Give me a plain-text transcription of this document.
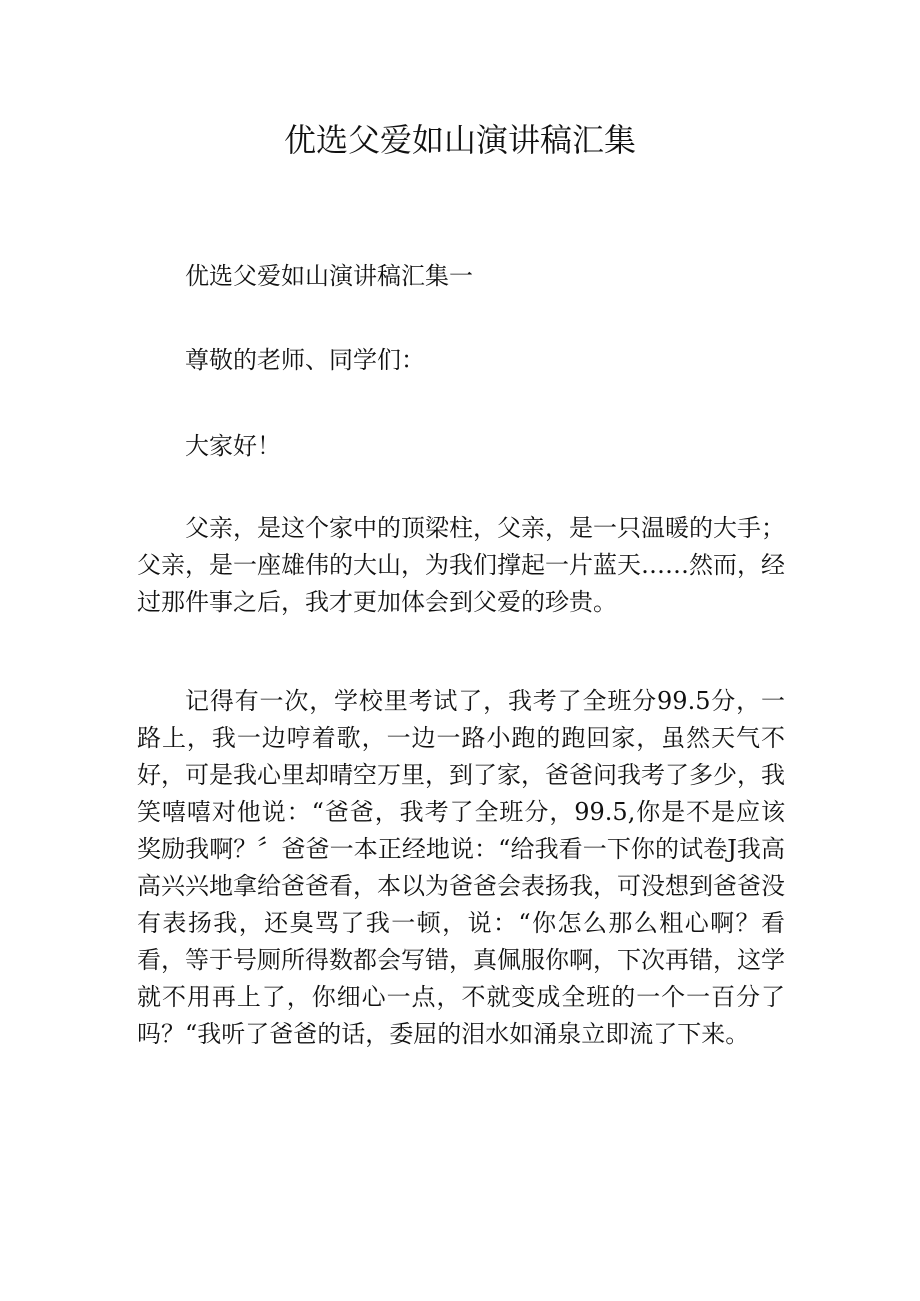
优选父爱如山演讲稿汇集

优选父爱如山演讲稿汇集一

尊敬的老师、同学们：

大家好！

父亲，是这个家中的顶梁柱，父亲，是一只温暖的大手；父亲，是一座雄伟的大山，为我们撑起一片蓝天……然而，经过那件事之后，我才更加体会到父爱的珍贵。

记得有一次，学校里考试了，我考了全班分99.5分，一路上，我一边哼着歌，一边一路小跑的跑回家，虽然天气不好，可是我心里却晴空万里，到了家，爸爸问我考了多少，我笑嘻嘻对他说：“爸爸，我考了全班分，99.5,你是不是应该奖励我啊？〞爸爸一本正经地说：“给我看一下你的试卷J我高高兴兴地拿给爸爸看，本以为爸爸会表扬我，可没想到爸爸没有表扬我，还臭骂了我一顿，说：“你怎么那么粗心啊？看看，等于号厕所得数都会写错，真佩服你啊，下次再错，这学就不用再上了，你细心一点，不就变成全班的一个一百分了吗？“我听了爸爸的话，委屈的泪水如涌泉立即流了下来。
